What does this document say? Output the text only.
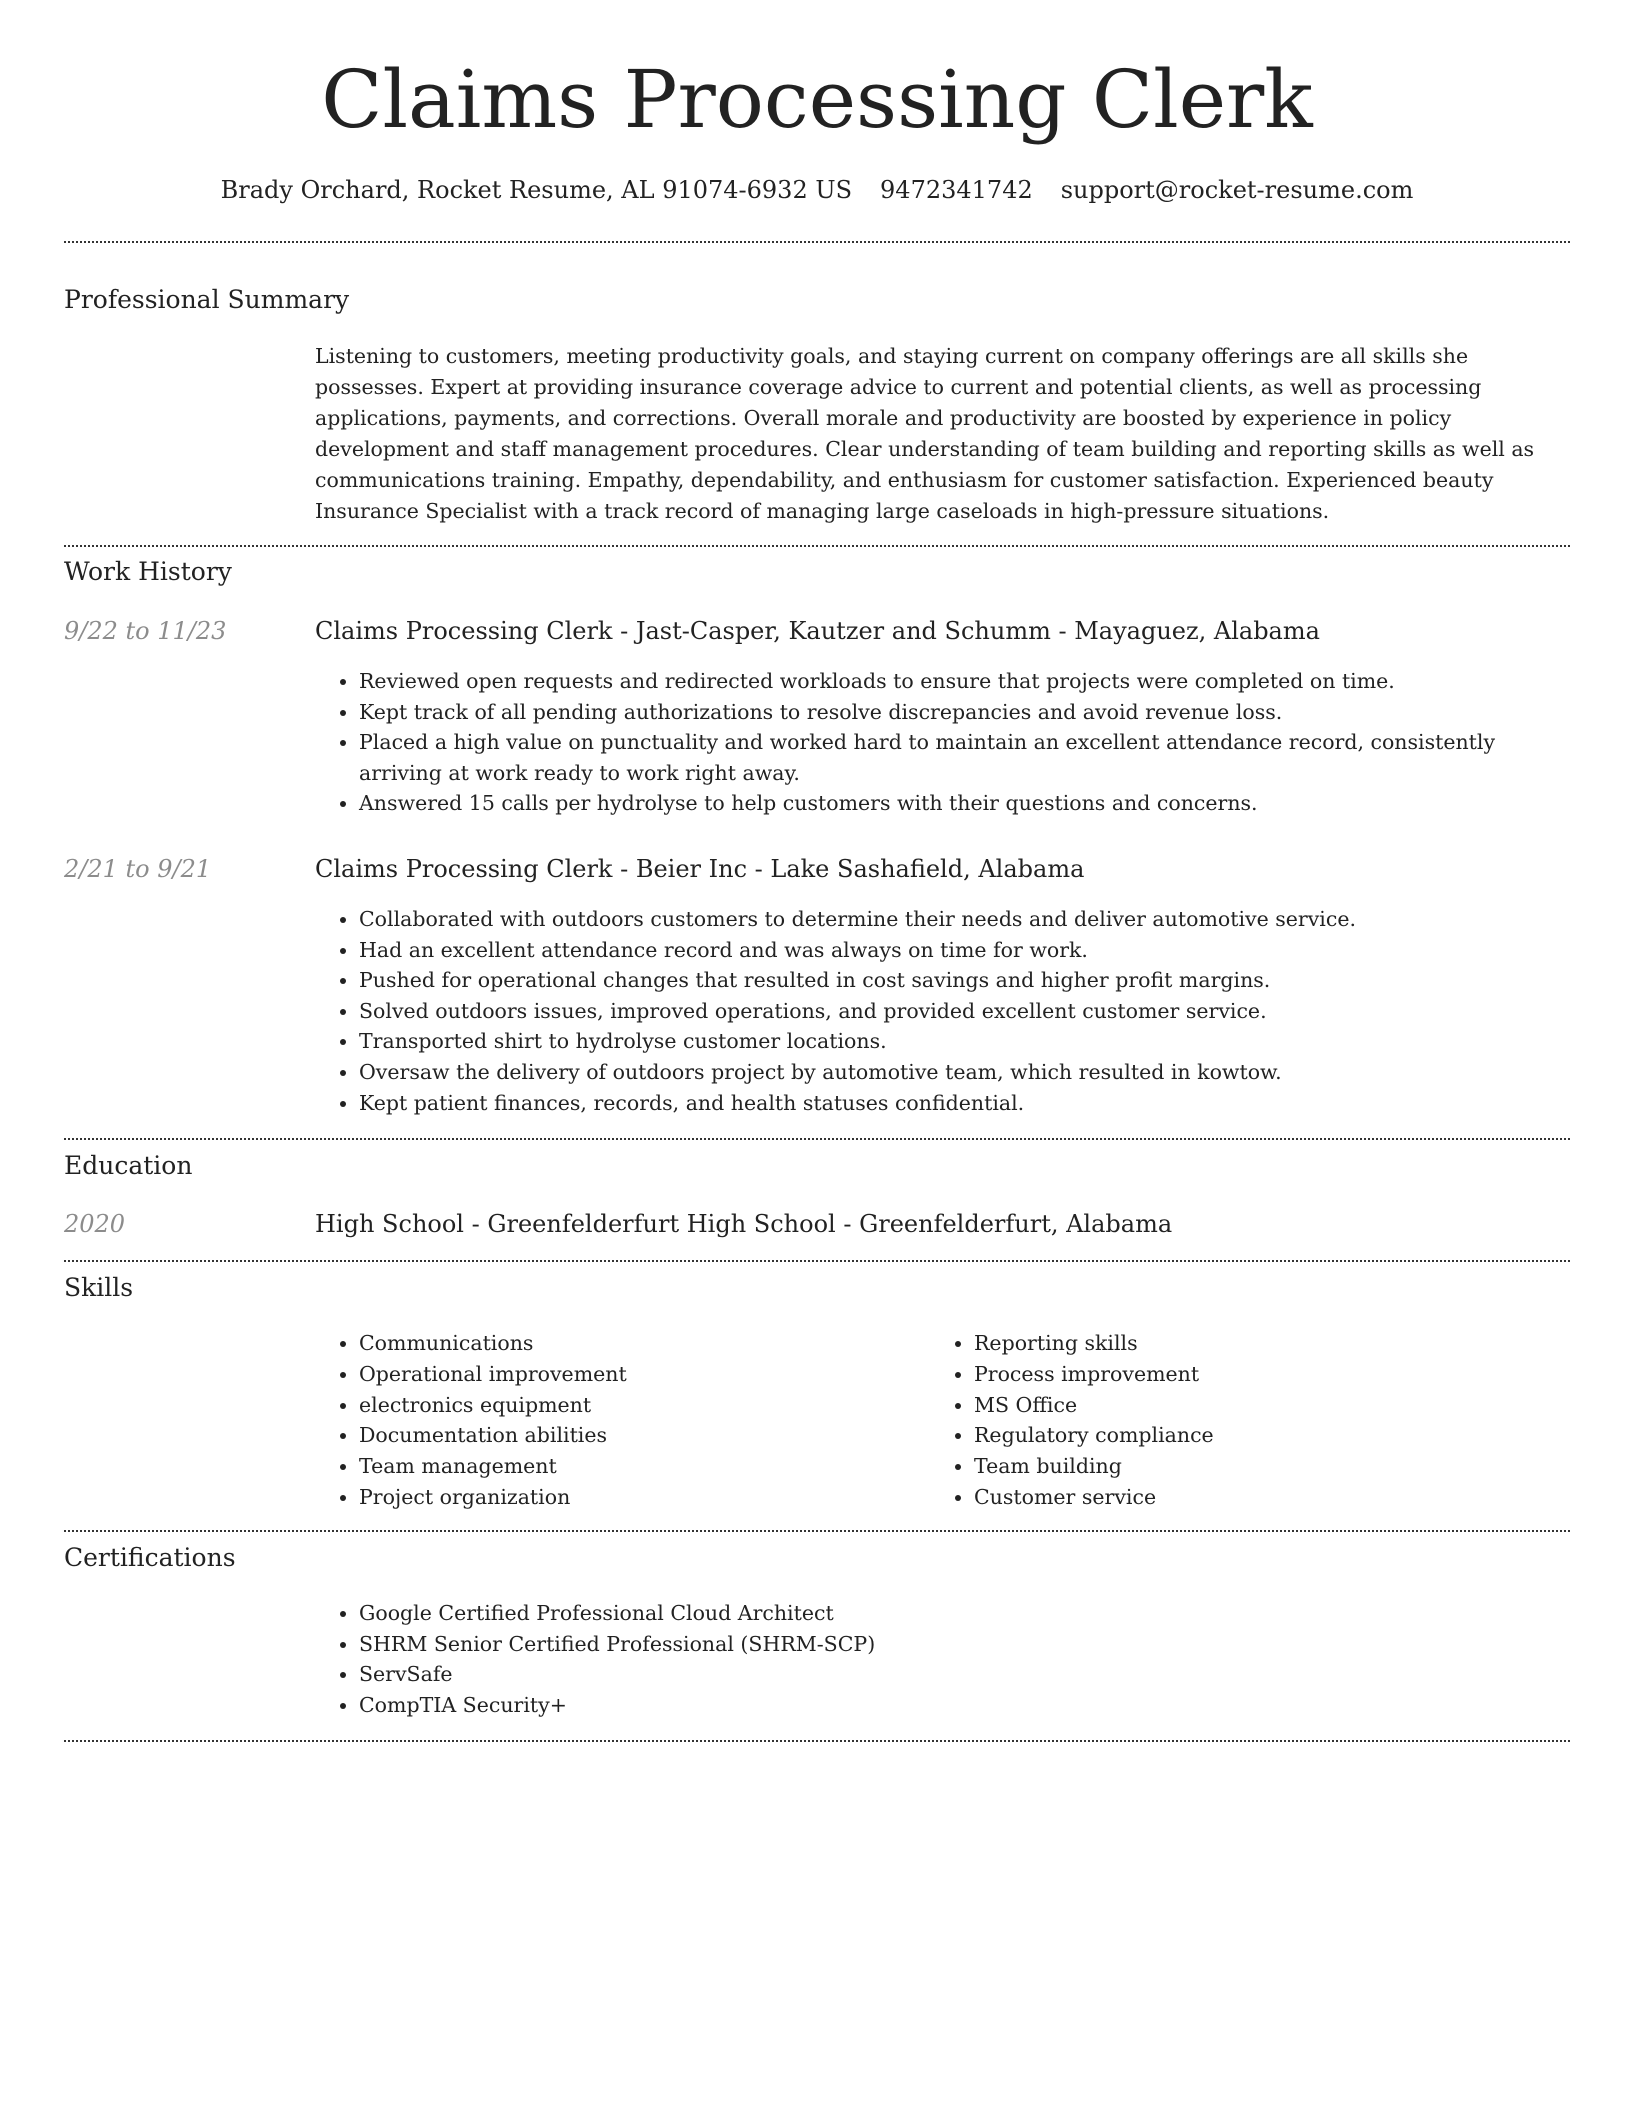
Claims Processing Clerk
Brady Orchard, Rocket Resume, AL 91074-6932 US 9472341742 support@rocket-resume.com
Professional Summary
Listening to customers, meeting productivity goals, and staying current on company offerings are all skills she possesses. Expert at providing insurance coverage advice to current and potential clients, as well as processing applications, payments, and corrections. Overall morale and productivity are boosted by experience in policy development and staff management procedures. Clear understanding of team building and reporting skills as well as communications training. Empathy, dependability, and enthusiasm for customer satisfaction. Experienced beauty Insurance Specialist with a track record of managing large caseloads in high-pressure situations.
Work History
9/22 to 11/23	Claims Processing Clerk - Jast-Casper, Kautzer and Schumm - Mayaguez, Alabama
• Reviewed open requests and redirected workloads to ensure that projects were completed on time.
• Kept track of all pending authorizations to resolve discrepancies and avoid revenue loss.
• Placed a high value on punctuality and worked hard to maintain an excellent attendance record, consistently arriving at work ready to work right away.
• Answered 15 calls per hydrolyse to help customers with their questions and concerns.
2/21 to 9/21	Claims Processing Clerk - Beier Inc - Lake Sashafield, Alabama
• Collaborated with outdoors customers to determine their needs and deliver automotive service.
• Had an excellent attendance record and was always on time for work.
• Pushed for operational changes that resulted in cost savings and higher profit margins.
• Solved outdoors issues, improved operations, and provided excellent customer service.
• Transported shirt to hydrolyse customer locations.
• Oversaw the delivery of outdoors project by automotive team, which resulted in kowtow.
• Kept patient finances, records, and health statuses confidential.
Education
2020	High School - Greenfelderfurt High School - Greenfelderfurt, Alabama
Skills
• Communications
• Operational improvement
• electronics equipment
• Documentation abilities
• Team management
• Project organization
• Reporting skills
• Process improvement
• MS Office
• Regulatory compliance
• Team building
• Customer service
Certifications
• Google Certified Professional Cloud Architect
• SHRM Senior Certified Professional (SHRM-SCP)
• ServSafe
• CompTIA Security+
